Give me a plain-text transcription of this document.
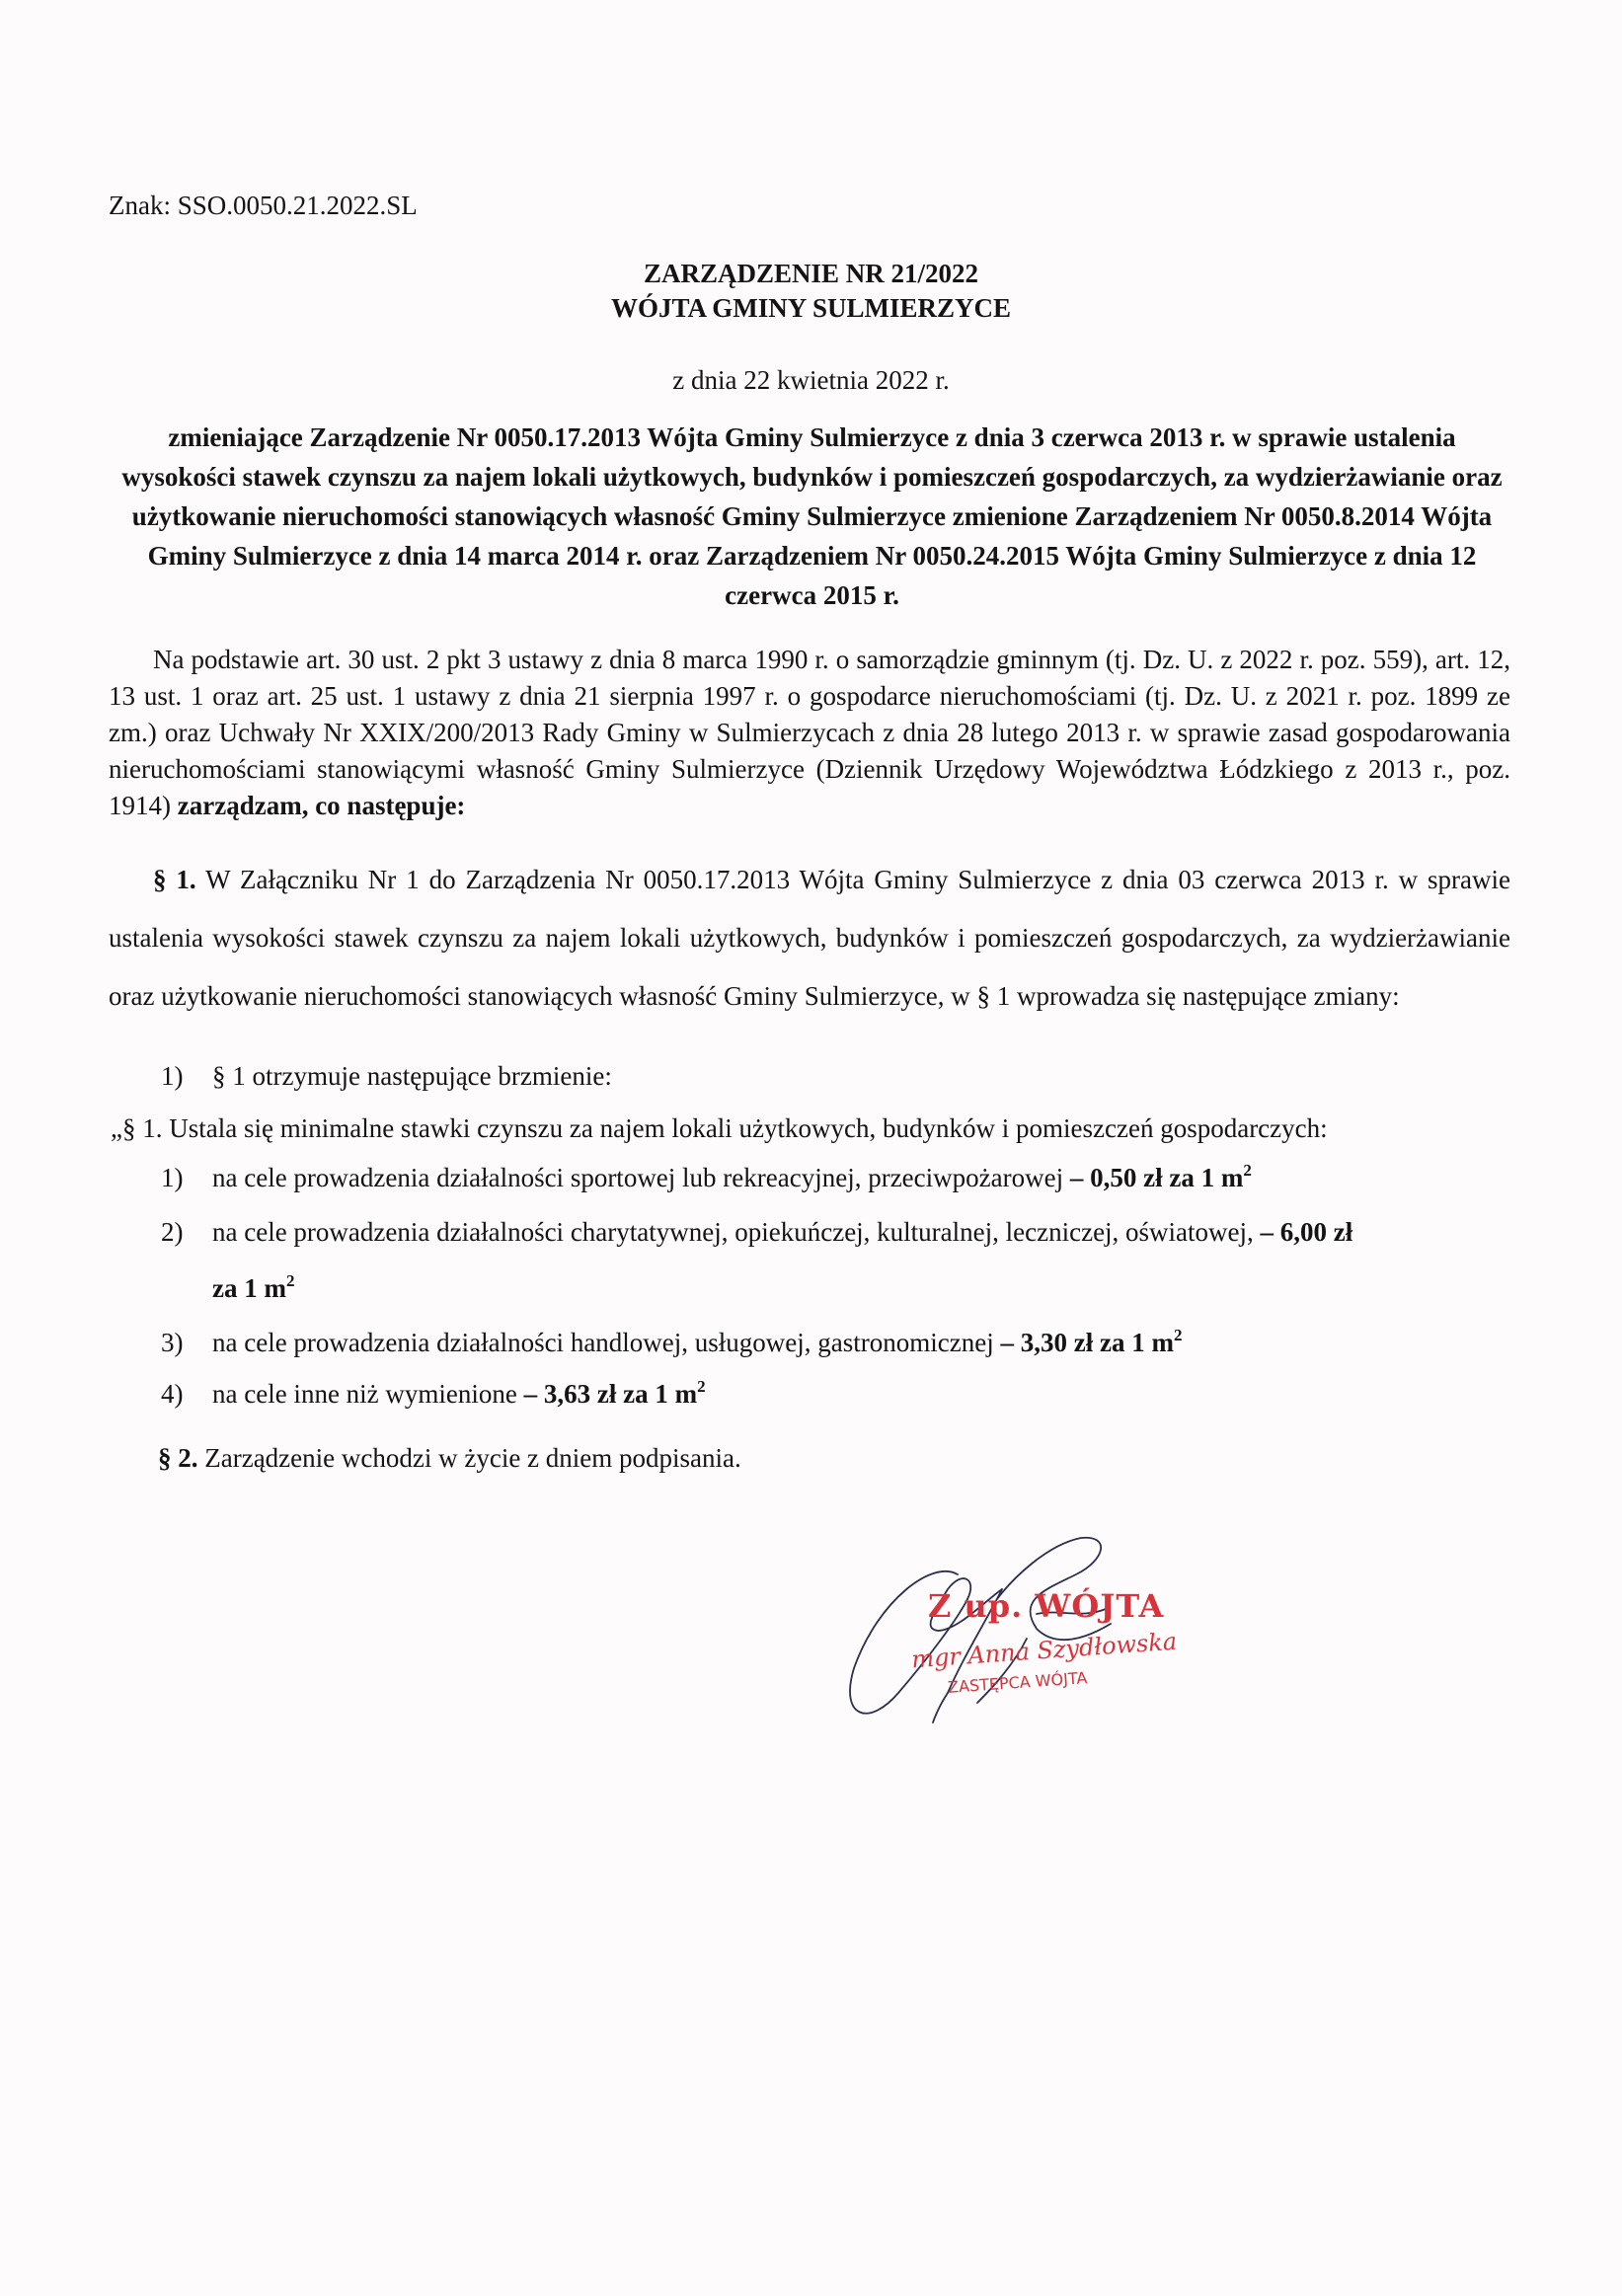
Znak: SSO.0050.21.2022.SL
ZARZĄDZENIE NR 21/2022
WÓJTA GMINY SULMIERZYCE
z dnia 22 kwietnia 2022 r.
zmieniające Zarządzenie Nr 0050.17.2013 Wójta Gminy Sulmierzyce z dnia 3 czerwca 2013 r. w sprawie ustalenia wysokości stawek czynszu za najem lokali użytkowych, budynków i pomieszczeń gospodarczych, za wydzierżawianie oraz użytkowanie nieruchomości stanowiących własność Gminy Sulmierzyce zmienione Zarządzeniem Nr 0050.8.2014 Wójta Gminy Sulmierzyce z dnia 14 marca 2014 r. oraz Zarządzeniem Nr 0050.24.2015 Wójta Gminy Sulmierzyce z dnia 12 czerwca 2015 r.
Na podstawie art. 30 ust. 2 pkt 3 ustawy z dnia 8 marca 1990 r. o samorządzie gminnym (tj. Dz. U. z 2022 r. poz. 559), art. 12, 13 ust. 1 oraz art. 25 ust. 1 ustawy z dnia 21 sierpnia 1997 r. o gospodarce nieruchomościami (tj. Dz. U. z 2021 r. poz. 1899 ze zm.) oraz Uchwały Nr XXIX/200/2013 Rady Gminy w Sulmierzycach z dnia 28 lutego 2013 r. w sprawie zasad gospodarowania nieruchomościami stanowiącymi własność Gminy Sulmierzyce (Dziennik Urzędowy Województwa Łódzkiego z 2013 r., poz. 1914) zarządzam, co następuje:
§ 1. W Załączniku Nr 1 do Zarządzenia Nr 0050.17.2013 Wójta Gminy Sulmierzyce z dnia 03 czerwca 2013 r. w sprawie ustalenia wysokości stawek czynszu za najem lokali użytkowych, budynków i pomieszczeń gospodarczych, za wydzierżawianie oraz użytkowanie nieruchomości stanowiących własność Gminy Sulmierzyce, w § 1 wprowadza się następujące zmiany:
1) § 1 otrzymuje następujące brzmienie:
„§ 1. Ustala się minimalne stawki czynszu za najem lokali użytkowych, budynków i pomieszczeń gospodarczych:
1) na cele prowadzenia działalności sportowej lub rekreacyjnej, przeciwpożarowej – 0,50 zł za 1 $m^2$
2) na cele prowadzenia działalności charytatywnej, opiekuńczej, kulturalnej, leczniczej, oświatowej, – 6,00 zł
za 1 $m^2$
3) na cele prowadzenia działalności handlowej, usługowej, gastronomicznej – 3,30 zł za 1 $m^2$
4) na cele inne niż wymienione – 3,63 zł za 1 $m^2$
§ 2. Zarządzenie wchodzi w życie z dniem podpisania.
Z up. WÓJTA
mgr Anna Szydłowska
ZASTĘPCA WÓJTA
